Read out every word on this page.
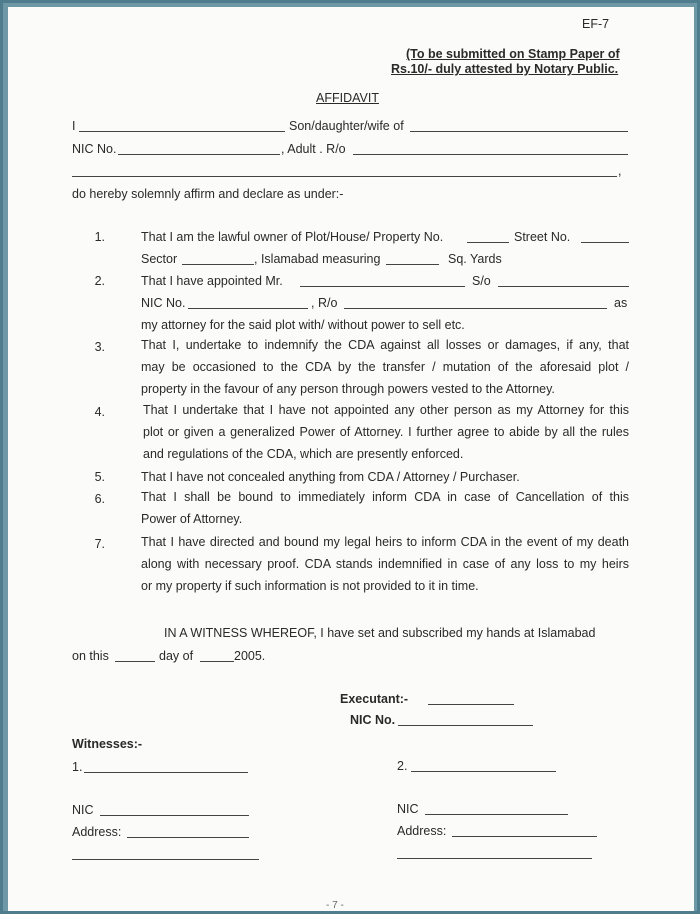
EF-7
(To be submitted on Stamp Paper of
Rs.10/- duly attested by Notary Public.
AFFIDAVIT
I	Son/daughter/wife of
NIC No.	, Adult . R/o
,
do hereby solemnly affirm and declare as under:-
1.	That I am the lawful owner of Plot/House/ Property No.	Street No.
Sector	, Islamabad measuring	Sq. Yards
2.	That I have appointed Mr.	S/o
NIC No.	, R/o	as
my attorney for the said plot with/ without power to sell etc.
3.	That I, undertake to indemnify the CDA against all losses or damages, if any, that
may be occasioned to the CDA by the transfer / mutation of the aforesaid plot /
property in the favour of any person through powers vested to the Attorney.
4.	That I undertake that I have not appointed any other person as my Attorney for this
plot or given a generalized Power of Attorney. I further agree to abide by all the rules
and regulations of the CDA, which are presently enforced.
5.	That I have not concealed anything from CDA / Attorney / Purchaser.
6.	That I shall be bound to immediately inform CDA in case of Cancellation of this
Power of Attorney.
7.	That I have directed and bound my legal heirs to inform CDA in the event of my death
along with necessary proof. CDA stands indemnified in case of any loss to my heirs
or my property if such information is not provided to it in time.
IN A WITNESS WHEREOF, I have set and subscribed my hands at Islamabad
on this	day of	2005.
Executant:-
NIC No.
Witnesses:-
1.	2.
NIC	NIC
Address:	Address:
- 7 -
